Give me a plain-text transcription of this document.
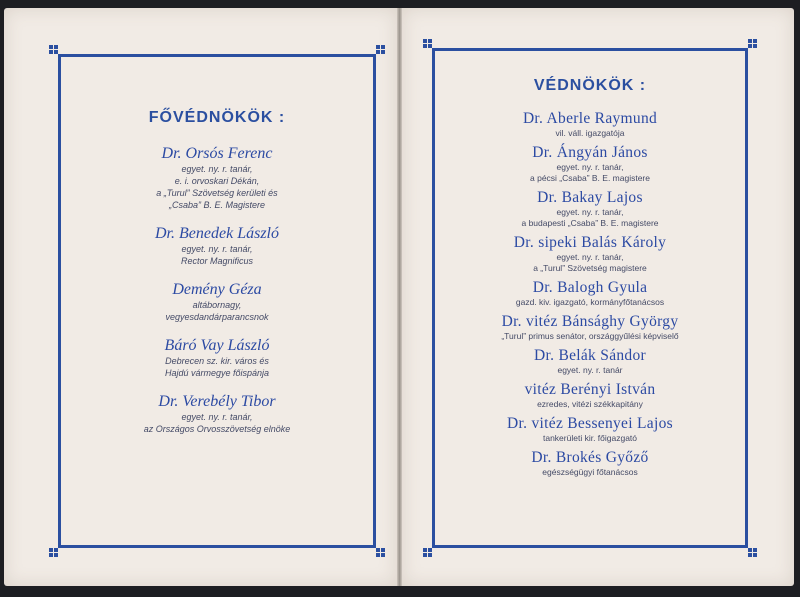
FŐVÉDNÖKÖK :
Dr. Orsós Ferenc
egyet. ny. r. tanár,
e. i. orvoskari Dékán,
a „Turul” Szövetség kerületi és
„Csaba” B. E. Magistere
Dr. Benedek László
egyet. ny. r. tanár,
Rector Magnificus
Demény Géza
altábornagy,
vegyesdandárparancsnok
Báró Vay László
Debrecen sz. kir. város és
Hajdú vármegye főispánja
Dr. Verebély Tibor
egyet. ny. r. tanár,
az Országos Orvosszövetség elnöke
VÉDNÖKÖK :
Dr. Aberle Raymund
vil. váll. igazgatója
Dr. Ángyán János
egyet. ny. r. tanár,
a pécsi „Csaba” B. E. magistere
Dr. Bakay Lajos
egyet. ny. r. tanár,
a budapesti „Csaba” B. E. magistere
Dr. sipeki Balás Károly
egyet. ny. r. tanár,
a „Turul” Szövetség magistere
Dr. Balogh Gyula
gazd. kiv. igazgató, kormányfőtanácsos
Dr. vitéz Bánsághy György
„Turul” primus senátor, országgyűlési képviselő
Dr. Belák Sándor
egyet. ny. r. tanár
vitéz Berényi István
ezredes, vitézi székkapitány
Dr. vitéz Bessenyei Lajos
tankerületi kir. főigazgató
Dr. Brokés Győző
egészségügyi főtanácsos
